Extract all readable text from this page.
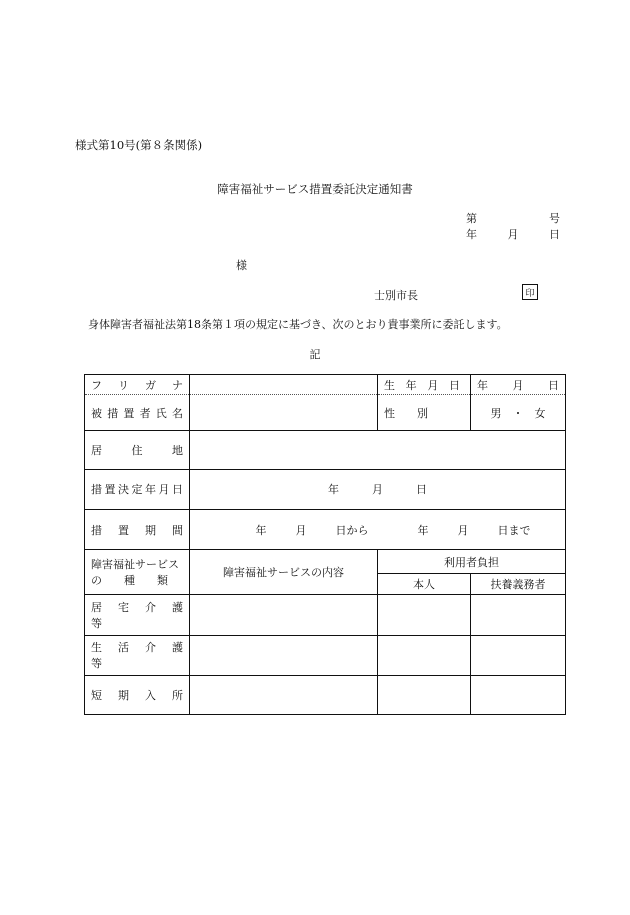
様式第10号(第８条関係)
障害福祉サービス措置委託決定通知書
第	号
年	月	日
様
士別市長	印
身体障害者福祉法第18条第１項の規定に基づき、次のとおり貴事業所に委託します。
記
フ　リ　ガ　ナ		生年月日	年 月 日

被措置者氏名		性　　別	男　・　女

居　　住　　地			

措置決定年月日	年 月 日		

措　置　期　間	年 月 日から 年 月 日まで		

障害福祉サービス
の　　種　　類	障害福祉サービスの内容	利用者負担	
		本人	扶養義務者

居　宅　介　護　等			

生　活　介　護　等			

短　期　入　所			
